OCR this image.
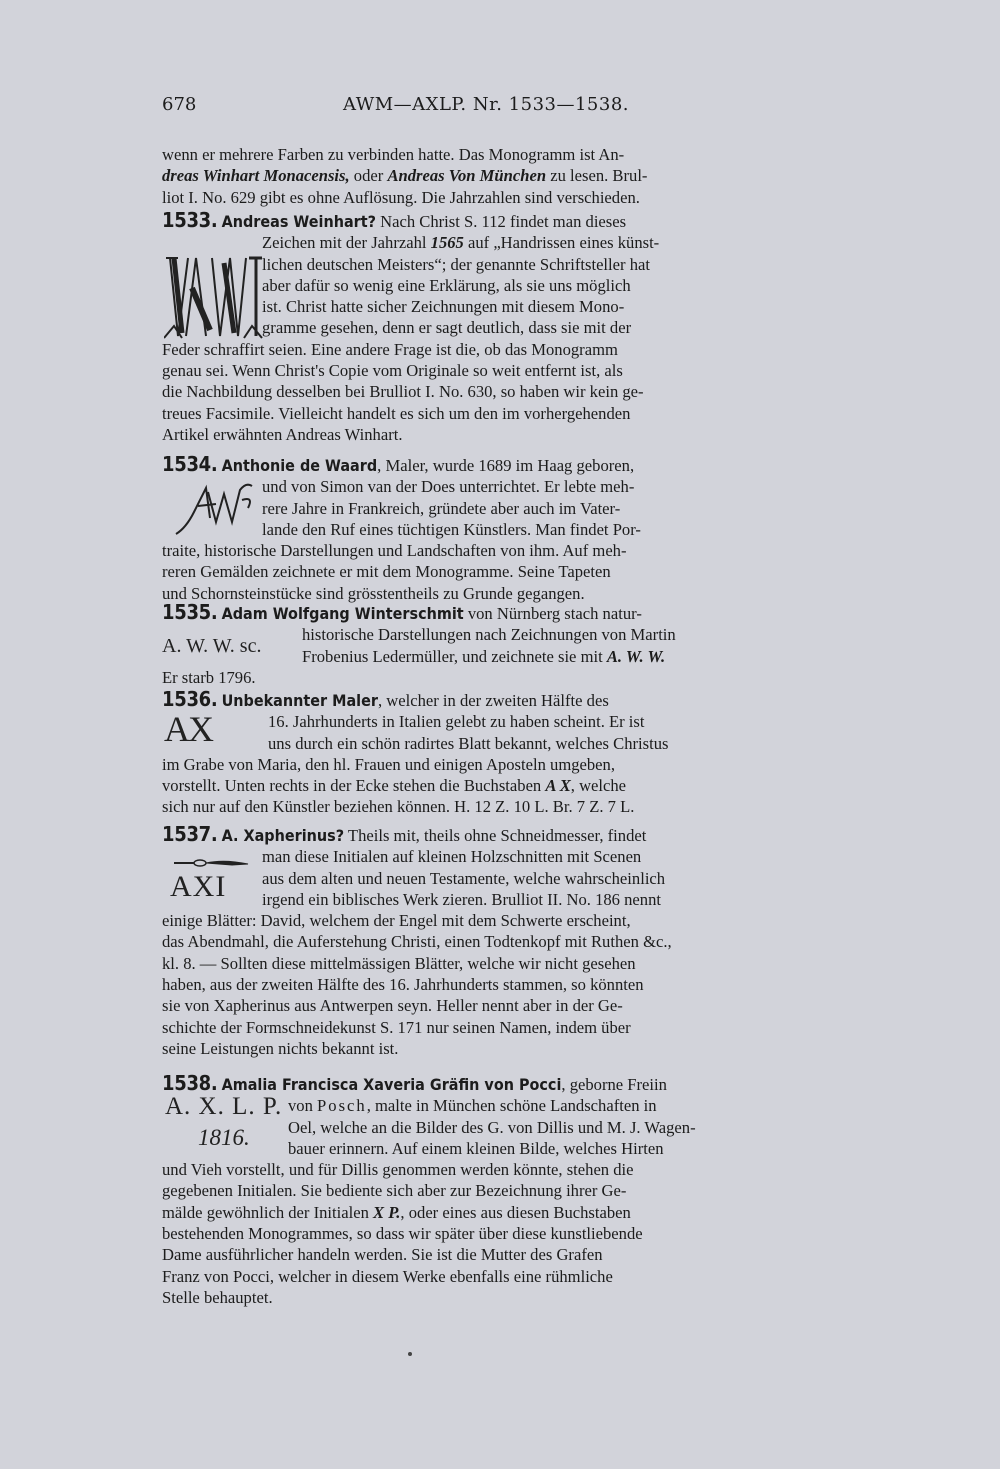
678	AWM—AXLP. Nr. 1533—1538.
wenn er mehrere Farben zu verbinden hatte. Das Monogramm ist An-
dreas Winhart Monacensis, oder Andreas Von München zu lesen. Brul-
liot I. No. 629 gibt es ohne Auflösung. Die Jahrzahlen sind verschieden.
1533. Andreas Weinhart? Nach Christ S. 112 findet man dieses
Zeichen mit der Jahrzahl 1565 auf „Handrissen eines künst-
lichen deutschen Meisters“; der genannte Schriftsteller hat
aber dafür so wenig eine Erklärung, als sie uns möglich
ist. Christ hatte sicher Zeichnungen mit diesem Mono-
gramme gesehen, denn er sagt deutlich, dass sie mit der
Feder schraffirt seien. Eine andere Frage ist die, ob das Monogramm
genau sei. Wenn Christ's Copie vom Originale so weit entfernt ist, als
die Nachbildung desselben bei Brulliot I. No. 630, so haben wir kein ge-
treues Facsimile. Vielleicht handelt es sich um den im vorhergehenden
Artikel erwähnten Andreas Winhart.
1534. Anthonie de Waard, Maler, wurde 1689 im Haag geboren,
und von Simon van der Does unterrichtet. Er lebte meh-
rere Jahre in Frankreich, gründete aber auch im Vater-
lande den Ruf eines tüchtigen Künstlers. Man findet Por-
traite, historische Darstellungen und Landschaften von ihm. Auf meh-
reren Gemälden zeichnete er mit dem Monogramme. Seine Tapeten
und Schornsteinstücke sind grösstentheils zu Grunde gegangen.
1535. Adam Wolfgang Winterschmit von Nürnberg stach natur-
historische Darstellungen nach Zeichnungen von Martin
Frobenius Ledermüller, und zeichnete sie mit A. W. W.
Er starb 1796.
A. W. W. sc.
1536. Unbekannter Maler, welcher in der zweiten Hälfte des
16. Jahrhunderts in Italien gelebt zu haben scheint. Er ist
uns durch ein schön radirtes Blatt bekannt, welches Christus
im Grabe von Maria, den hl. Frauen und einigen Aposteln umgeben,
vorstellt. Unten rechts in der Ecke stehen die Buchstaben A X, welche
sich nur auf den Künstler beziehen können. H. 12 Z. 10 L. Br. 7 Z. 7 L.
AX
1537. A. Xapherinus? Theils mit, theils ohne Schneidmesser, findet
man diese Initialen auf kleinen Holzschnitten mit Scenen
aus dem alten und neuen Testamente, welche wahrscheinlich
irgend ein biblisches Werk zieren. Brulliot II. No. 186 nennt
einige Blätter: David, welchem der Engel mit dem Schwerte erscheint,
das Abendmahl, die Auferstehung Christi, einen Todtenkopf mit Ruthen &c.,
kl. 8. — Sollten diese mittelmässigen Blätter, welche wir nicht gesehen
haben, aus der zweiten Hälfte des 16. Jahrhunderts stammen, so könnten
sie von Xapherinus aus Antwerpen seyn. Heller nennt aber in der Ge-
schichte der Formschneidekunst S. 171 nur seinen Namen, indem über
seine Leistungen nichts bekannt ist.
AXI
1538. Amalia Francisca Xaveria Gräfin von Pocci, geborne Freiin
von Posch, malte in München schöne Landschaften in
Oel, welche an die Bilder des G. von Dillis und M. J. Wagen-
bauer erinnern. Auf einem kleinen Bilde, welches Hirten
und Vieh vorstellt, und für Dillis genommen werden könnte, stehen die
gegebenen Initialen. Sie bediente sich aber zur Bezeichnung ihrer Ge-
mälde gewöhnlich der Initialen X P., oder eines aus diesen Buchstaben
bestehenden Monogrammes, so dass wir später über diese kunstliebende
Dame ausführlicher handeln werden. Sie ist die Mutter des Grafen
Franz von Pocci, welcher in diesem Werke ebenfalls eine rühmliche
Stelle behauptet.
A. X. L. P.
1816.
